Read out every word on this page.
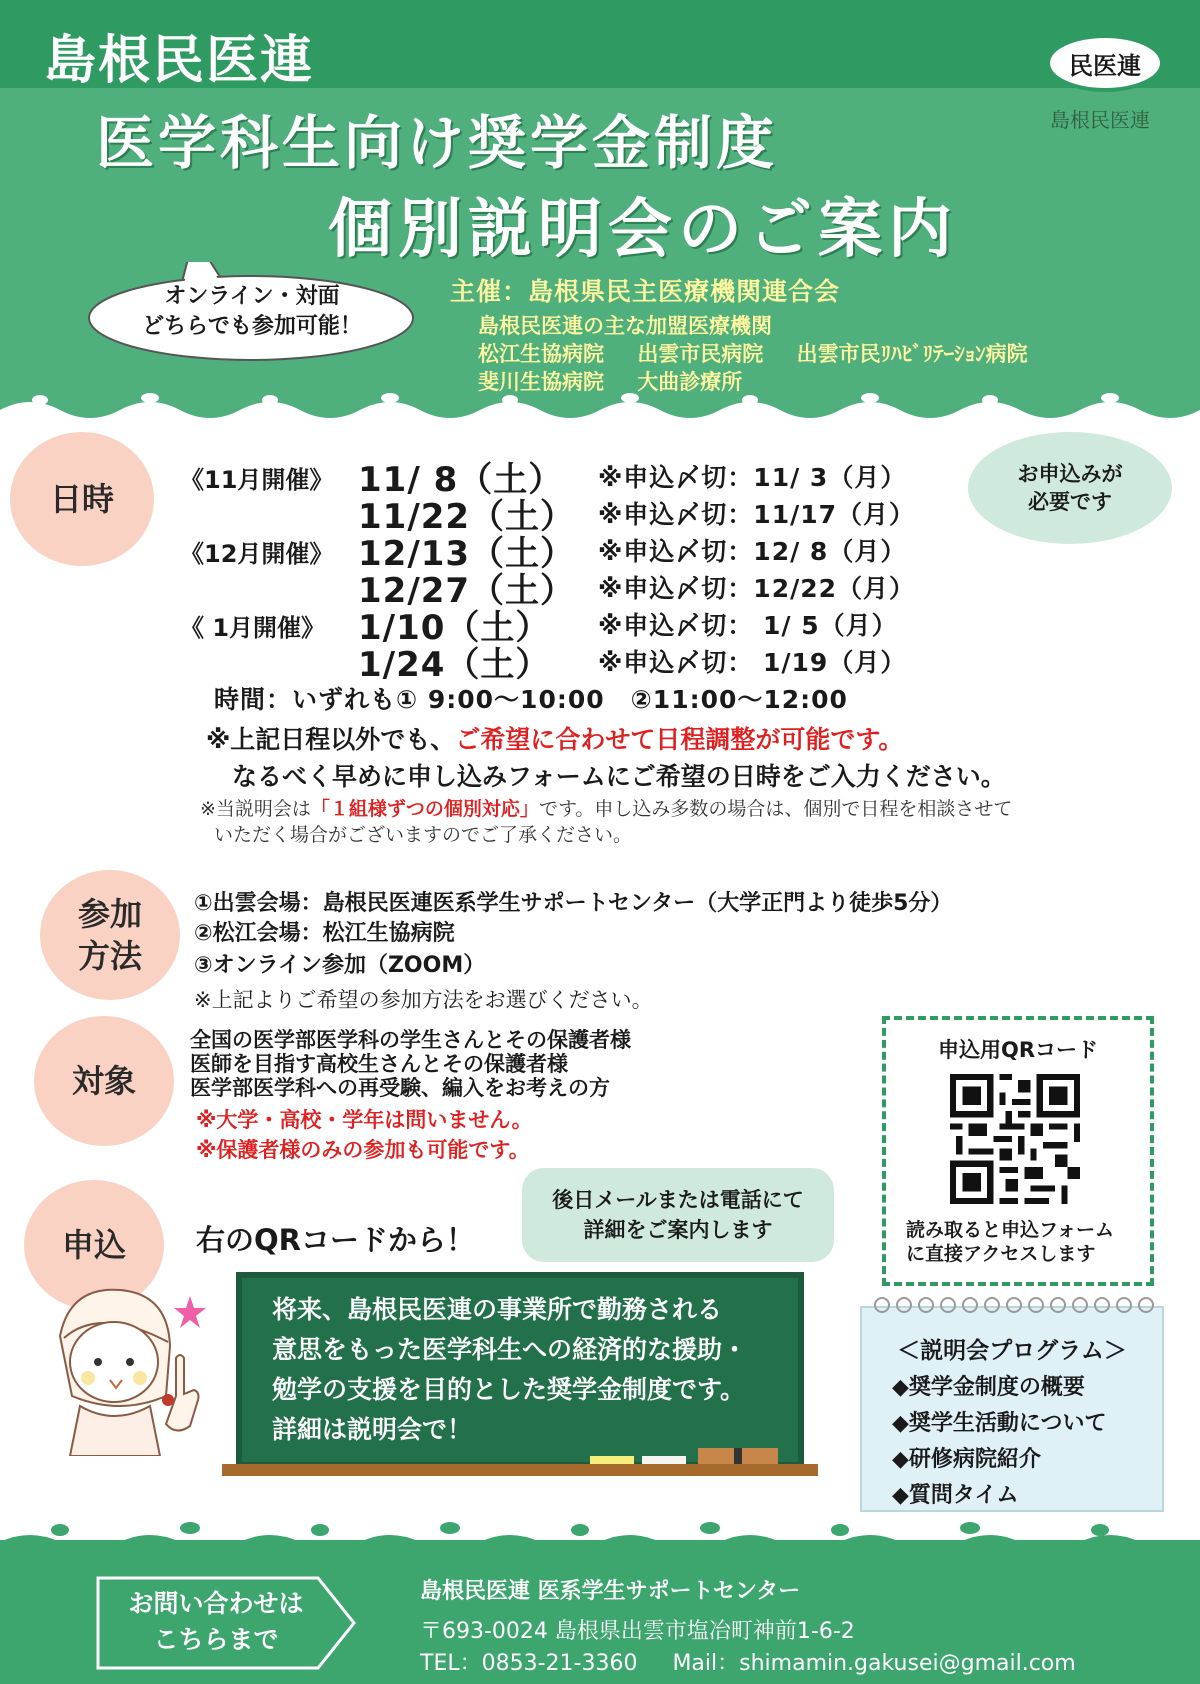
島根民医連	民医連
島根民医連
医学科生向け奨学金制度
個別説明会のご案内
オンライン・対面
どちらでも参加可能！
主催：島根県民主医療機関連合会
島根民医連の主な加盟医療機関
松江生協病院 出雲市民病院 出雲市民ﾘﾊﾋﾞﾘﾃｰｼｮﾝ病院
斐川生協病院 大曲診療所
日時	《11月開催》 11/ 8（土） ※申込〆切：11/ 3（月）
11/22（土） ※申込〆切：11/17（月）
《12月開催》 12/13（土） ※申込〆切：12/ 8（月）
12/27（土） ※申込〆切：12/22（月）
《 1月開催》 1/10（土） ※申込〆切： 1/ 5（月）
1/24（土） ※申込〆切： 1/19（月）
お申込みが
必要です
時間：いずれも① 9:00～10:00　②11:00～12:00
※上記日程以外でも、ご希望に合わせて日程調整が可能です。
なるべく早めに申し込みフォームにご希望の日時をご入力ください。
※当説明会は「１組様ずつの個別対応」です。申し込み多数の場合は、個別で日程を相談させて
いただく場合がございますのでご了承ください。
参加
方法
①出雲会場：島根民医連医系学生サポートセンター（大学正門より徒歩5分）
②松江会場：松江生協病院
③オンライン参加（ZOOM）
※上記よりご希望の参加方法をお選びください。
対象
全国の医学部医学科の学生さんとその保護者様
医師を目指す高校生さんとその保護者様
医学部医学科への再受験、編入をお考えの方
※大学・高校・学年は問いません。
※保護者様のみの参加も可能です。
申込用QRコード
読み取ると申込フォーム
に直接アクセスします
申込 右のQRコードから！
後日メールまたは電話にて
詳細をご案内します
将来、島根民医連の事業所で勤務される
意思をもった医学科生への経済的な援助・
勉学の支援を目的とした奨学金制度です。
詳細は説明会で！
＜説明会プログラム＞
◆奨学金制度の概要
◆奨学生活動について
◆研修病院紹介
◆質問タイム
お問い合わせは
こちらまで
島根民医連 医系学生サポートセンター
〒693-0024 島根県出雲市塩冶町神前1-6-2
TEL：0853-21-3360 Mail：shimamin.gakusei@gmail.com
